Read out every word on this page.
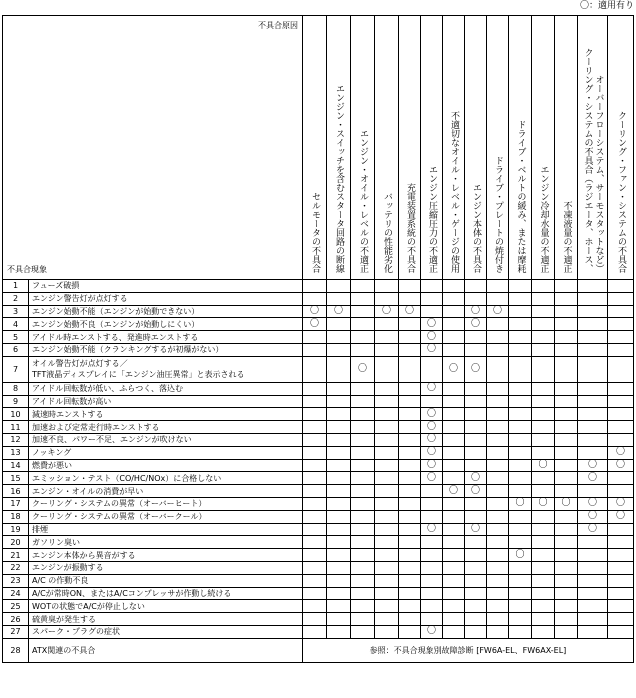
〇：適用有り
不具合原因
不具合現象		セルモータの不具合	エンジン・スイッチを含むスタータ回路の断線	エンジン・オイル・レベルの不適正	バッテリの性能劣化	充電装置系統の不具合	エンジン圧縮圧力の不適正	不適切なオイル・レベル・ゲージの使用	エンジン本体の不具合	ドライブ・プレートの焼付き	ドライブ・ベルトの緩み、または摩耗	エンジン冷却水量の不適正	不凍液量の不適正	クーリング・システムの不具合（ラジエータ、ホース、オーバーフローシステム、サーモスタットなど）	クーリング・ファン・システムの不具合
1	フューズ破損														

2	エンジン警告灯が点灯する														

3	エンジン始動不能（エンジンが始動できない）	〇	〇		〇	〇			〇	〇					
4	エンジン始動不良（エンジンが始動しにくい）	〇					〇		〇						
5	アイドル時エンストする、発進時エンストする						〇								
6	エンジン始動不能（クランキングするが初爆がない）						〇								
7	オイル警告灯が点灯する／
TFT液晶ディスプレイに「エンジン油圧異常」と表示される			〇				〇	〇						
8	アイドル回転数が低い、ふらつく、落込む						〇								
9	アイドル回転数が高い														

10	減速時エンストする						〇								
11	加速および定常走行時エンストする						〇								
12	加速不良、パワー不足、エンジンが吹けない						〇								
13	ノッキング						〇								〇
14	燃費が悪い						〇					〇		〇	〇
15	エミッション・テスト（CO/HC/NOx）に合格しない						〇		〇					〇	
16	エンジン・オイルの消費が早い							〇	〇						
17	クーリング・システムの異常（オーバーヒート）										〇	〇	〇	〇	〇
18	クーリング・システムの異常（オーバークール）													〇	〇
19	排煙						〇		〇					〇	
20	ガソリン臭い														

21	エンジン本体から異音がする										〇				
22	エンジンが振動する														

23	A/C の作動不良														

24	A/Cが常時ON、またはA/Cコンプレッサが作動し続ける														

25	WOTの状態でA/Cが停止しない														

26	硫黄臭が発生する														

27	スパーク・プラグの症状						〇								
28	ATX関連の不具合	参照：不具合現象別故障診断 [FW6A-EL、FW6AX-EL]													
